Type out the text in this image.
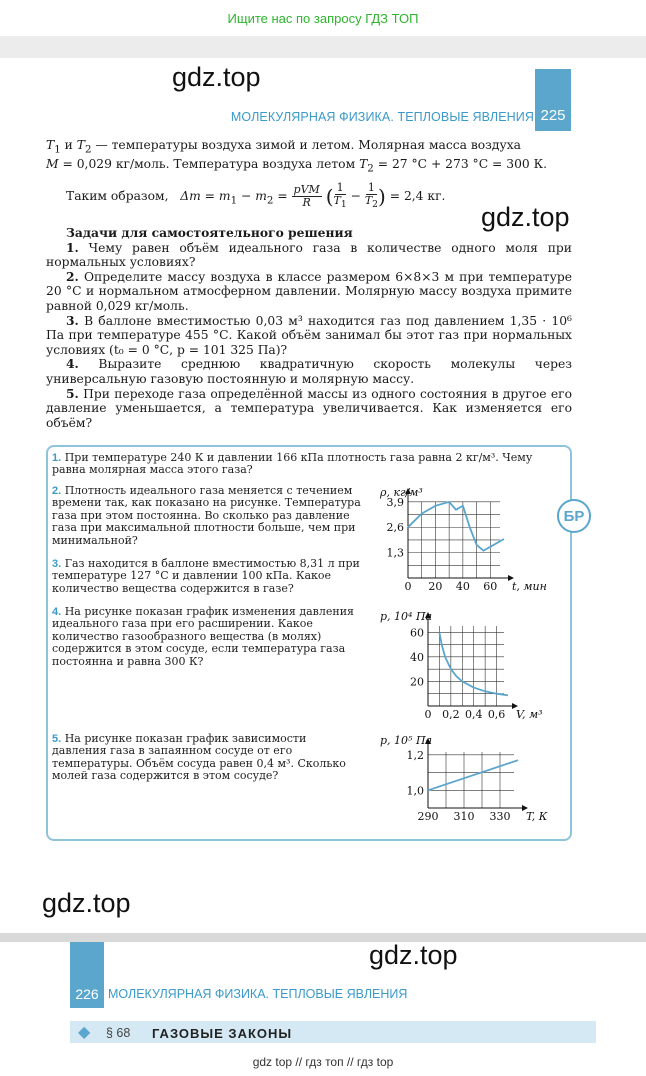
Ищите нас по запросу ГДЗ ТОП
gdz.top
gdz.top
gdz.top
225
МОЛЕКУЛЯРНАЯ ФИЗИКА. ТЕПЛОВЫЕ ЯВЛЕНИЯ

$T_1$ и $T_2$ — температуры воздуха зимой и летом. Молярная масса воздуха
M = 0,029 кг/моль. Температура воздуха летом $T_2 = 27$ °С + 273 °С = 300 К.

Таким образом, $\Delta m = m_1 - m_2 = \frac{\text{pVM}}{R}$ ( $\frac{1}{T_1} - \frac{1}{T_2}$ ) = 2,4 кг.

Задачи для самостоятельного решения

1. Чему равен объём идеального газа в количестве одного моля при нормальных условиях?

2. Определите массу воздуха в классе размером 6×8×3 м при температуре 20 °С и нормальном атмосферном давлении. Молярную массу воздуха примите равной 0,029 кг/моль.

3. В баллоне вместимостью 0,03 м³ находится газ под давлением 1,35 · 10⁶ Па при температуре 455 °С. Какой объём занимал бы этот газ при нормальных условиях (t₀ = 0 °С, p = 101 325 Па)?

4. Выразите среднюю квадратичную скорость молекулы через универсальную газовую постоянную и молярную массу.

5. При переходе газа определённой массы из одного состояния в другое его давление уменьшается, а температура увеличивается. Как изменяется его объём?

БР
1. При температуре 240 К и давлении 166 кПа плотность газа равна 2 кг/м³. Чему равна молярная масса этого газа?
2. Плотность идеального газа меняется с течением времени так, как показано на рисунке. Температура газа при этом постоянна. Во сколько раз давление газа при максимальной плотности больше, чем при минимальной?
3. Газ находится в баллоне вместимостью 8,31 л при температуре 127 °С и давлении 100 кПа. Какое количество вещества содержится в газе?
4. На рисунке показан график изменения давления идеального газа при его расширении. Какое количество газообразного вещества (в молях) содержится в этом сосуде, если температура газа постоянна и равна 300 К?
5. На рисунке показан график зависимости давления газа в запаянном сосуде от его температуры. Объём сосуда равен 0,4 м³. Сколько молей газа содержится в этом сосуде?
0 20 40 60
1,3
2,6
3,9
ρ, кг/м³
t, мин
0 0,2 0,4 0,6
20
40
60
p, 10⁴ Па
V, м³
290 310 330
1,0
1,2
p, 10⁵ Па
T, К
226 МОЛЕКУЛЯРНАЯ ФИЗИКА. ТЕПЛОВЫЕ ЯВЛЕНИЯ
gdz.top
◆ § 68 ГАЗОВЫЕ ЗАКОНЫ
gdz top // гдз топ // гдз top
